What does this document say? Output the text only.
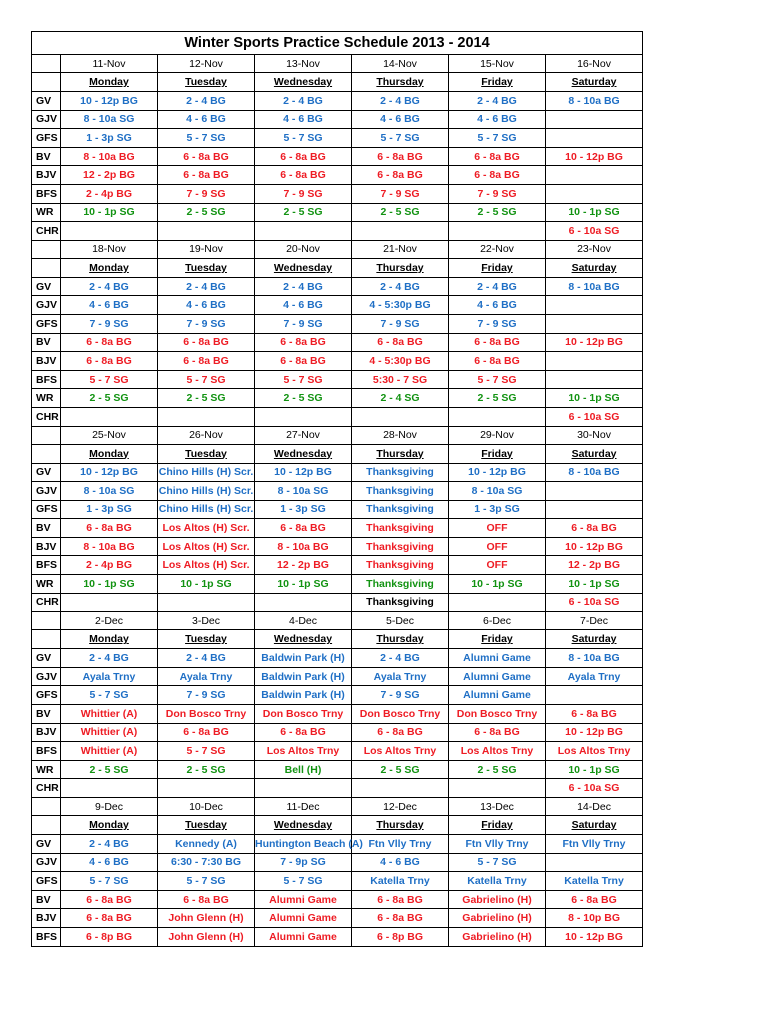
Winter Sports Practice Schedule 2013 - 2014						
	11-Nov	12-Nov	13-Nov	14-Nov	15-Nov	16-Nov
	Monday	Tuesday	Wednesday	Thursday	Friday	Saturday
GV	10 - 12p BG	2 - 4 BG	2 - 4 BG	2 - 4 BG	2 - 4 BG	8 - 10a BG
GJV	8 - 10a SG	4 - 6 BG	4 - 6 BG	4 - 6 BG	4 - 6 BG	
GFS	1 - 3p SG	5 - 7 SG	5 - 7 SG	5 - 7 SG	5 - 7 SG	
BV	8 - 10a BG	6 - 8a BG	6 - 8a BG	6 - 8a BG	6 - 8a BG	10 - 12p BG
BJV	12 - 2p BG	6 - 8a BG	6 - 8a BG	6 - 8a BG	6 - 8a BG	
BFS	2 - 4p BG	7 - 9 SG	7 - 9 SG	7 - 9 SG	7 - 9 SG	
WR	10 - 1p SG	2 - 5 SG	2 - 5 SG	2 - 5 SG	2 - 5 SG	10 - 1p SG
CHR						6 - 10a SG
	18-Nov	19-Nov	20-Nov	21-Nov	22-Nov	23-Nov
	Monday	Tuesday	Wednesday	Thursday	Friday	Saturday
GV	2 - 4 BG	2 - 4 BG	2 - 4 BG	2 - 4 BG	2 - 4 BG	8 - 10a BG
GJV	4 - 6 BG	4 - 6 BG	4 - 6 BG	4 - 5:30p BG	4 - 6 BG	
GFS	7 - 9 SG	7 - 9 SG	7 - 9 SG	7 - 9 SG	7 - 9 SG	
BV	6 - 8a BG	6 - 8a BG	6 - 8a BG	6 - 8a BG	6 - 8a BG	10 - 12p BG
BJV	6 - 8a BG	6 - 8a BG	6 - 8a BG	4 - 5:30p BG	6 - 8a BG	
BFS	5 - 7 SG	5 - 7 SG	5 - 7 SG	5:30 - 7 SG	5 - 7 SG	
WR	2 - 5 SG	2 - 5 SG	2 - 5 SG	2 - 4 SG	2 - 5 SG	10 - 1p SG
CHR						6 - 10a SG
	25-Nov	26-Nov	27-Nov	28-Nov	29-Nov	30-Nov
	Monday	Tuesday	Wednesday	Thursday	Friday	Saturday
GV	10 - 12p BG	Chino Hills (H) Scr.	10 - 12p BG	Thanksgiving	10 - 12p BG	8 - 10a BG
GJV	8 - 10a SG	Chino Hills (H) Scr.	8 - 10a SG	Thanksgiving	8 - 10a SG	
GFS	1 - 3p SG	Chino Hills (H) Scr.	1 - 3p SG	Thanksgiving	1 - 3p SG	
BV	6 - 8a BG	Los Altos (H) Scr.	6 - 8a BG	Thanksgiving	OFF	6 - 8a BG
BJV	8 - 10a BG	Los Altos (H) Scr.	8 - 10a BG	Thanksgiving	OFF	10 - 12p BG
BFS	2 - 4p BG	Los Altos (H) Scr.	12 - 2p BG	Thanksgiving	OFF	12 - 2p BG
WR	10 - 1p SG	10 - 1p SG	10 - 1p SG	Thanksgiving	10 - 1p SG	10 - 1p SG
CHR				Thanksgiving		6 - 10a SG
	2-Dec	3-Dec	4-Dec	5-Dec	6-Dec	7-Dec
	Monday	Tuesday	Wednesday	Thursday	Friday	Saturday
GV	2 - 4 BG	2 - 4 BG	Baldwin Park (H)	2 - 4 BG	Alumni Game	8 - 10a BG
GJV	Ayala Trny	Ayala Trny	Baldwin Park (H)	Ayala Trny	Alumni Game	Ayala Trny
GFS	5 - 7 SG	7 - 9 SG	Baldwin Park (H)	7 - 9 SG	Alumni Game	
BV	Whittier (A)	Don Bosco Trny	Don Bosco Trny	Don Bosco Trny	Don Bosco Trny	6 - 8a BG
BJV	Whittier (A)	6 - 8a BG	6 - 8a BG	6 - 8a BG	6 - 8a BG	10 - 12p BG
BFS	Whittier (A)	5 - 7 SG	Los Altos Trny	Los Altos Trny	Los Altos Trny	Los Altos Trny
WR	2 - 5 SG	2 - 5 SG	Bell (H)	2 - 5 SG	2 - 5 SG	10 - 1p SG
CHR						6 - 10a SG
	9-Dec	10-Dec	11-Dec	12-Dec	13-Dec	14-Dec
	Monday	Tuesday	Wednesday	Thursday	Friday	Saturday
GV	2 - 4 BG	Kennedy (A)	Huntington Beach (A)	Ftn Vlly Trny	Ftn Vlly Trny	Ftn Vlly Trny
GJV	4 - 6 BG	6:30 - 7:30 BG	7 - 9p SG	4 - 6 BG	5 - 7 SG	
GFS	5 - 7 SG	5 - 7 SG	5 - 7 SG	Katella Trny	Katella Trny	Katella Trny
BV	6 - 8a BG	6 - 8a BG	Alumni Game	6 - 8a BG	Gabrielino (H)	6 - 8a BG
BJV	6 - 8a BG	John Glenn (H)	Alumni Game	6 - 8a BG	Gabrielino (H)	8 - 10p BG
BFS	6 - 8p BG	John Glenn (H)	Alumni Game	6 - 8p BG	Gabrielino (H)	10 - 12p BG
